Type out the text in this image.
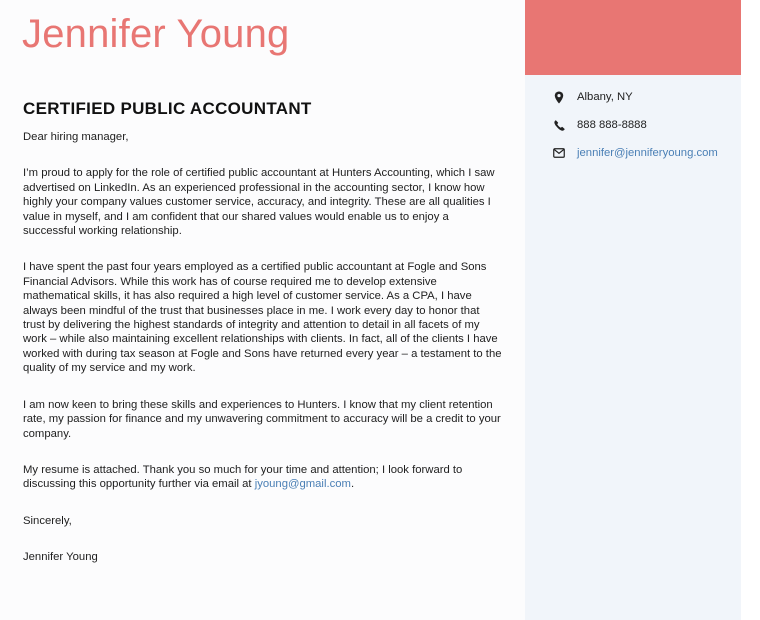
Jennifer Young
CERTIFIED PUBLIC ACCOUNTANT

Dear hiring manager,

I’m proud to apply for the role of certified public accountant at Hunters Accounting, which I saw advertised on LinkedIn. As an experienced professional in the accounting sector, I know how highly your company values customer service, accuracy, and integrity. These are all qualities I value in myself, and I am confident that our shared values would enable us to enjoy a successful working relationship.

I have spent the past four years employed as a certified public accountant at Fogle and Sons Financial Advisors. While this work has of course required me to develop extensive mathematical skills, it has also required a high level of customer service. As a CPA, I have always been mindful of the trust that businesses place in me. I work every day to honor that trust by delivering the highest standards of integrity and attention to detail in all facets of my work – while also maintaining excellent relationships with clients. In fact, all of the clients I have worked with during tax season at Fogle and Sons have returned every year – a testament to the quality of my service and my work.

I am now keen to bring these skills and experiences to Hunters. I know that my client retention rate, my passion for finance and my unwavering commitment to accuracy will be a credit to your company.

My resume is attached. Thank you so much for your time and attention; I look forward to discussing this opportunity further via email at jyoung@gmail.com.

Sincerely,

Jennifer Young

Albany, NY
888 888-8888
jennifer@jenniferyoung.com
